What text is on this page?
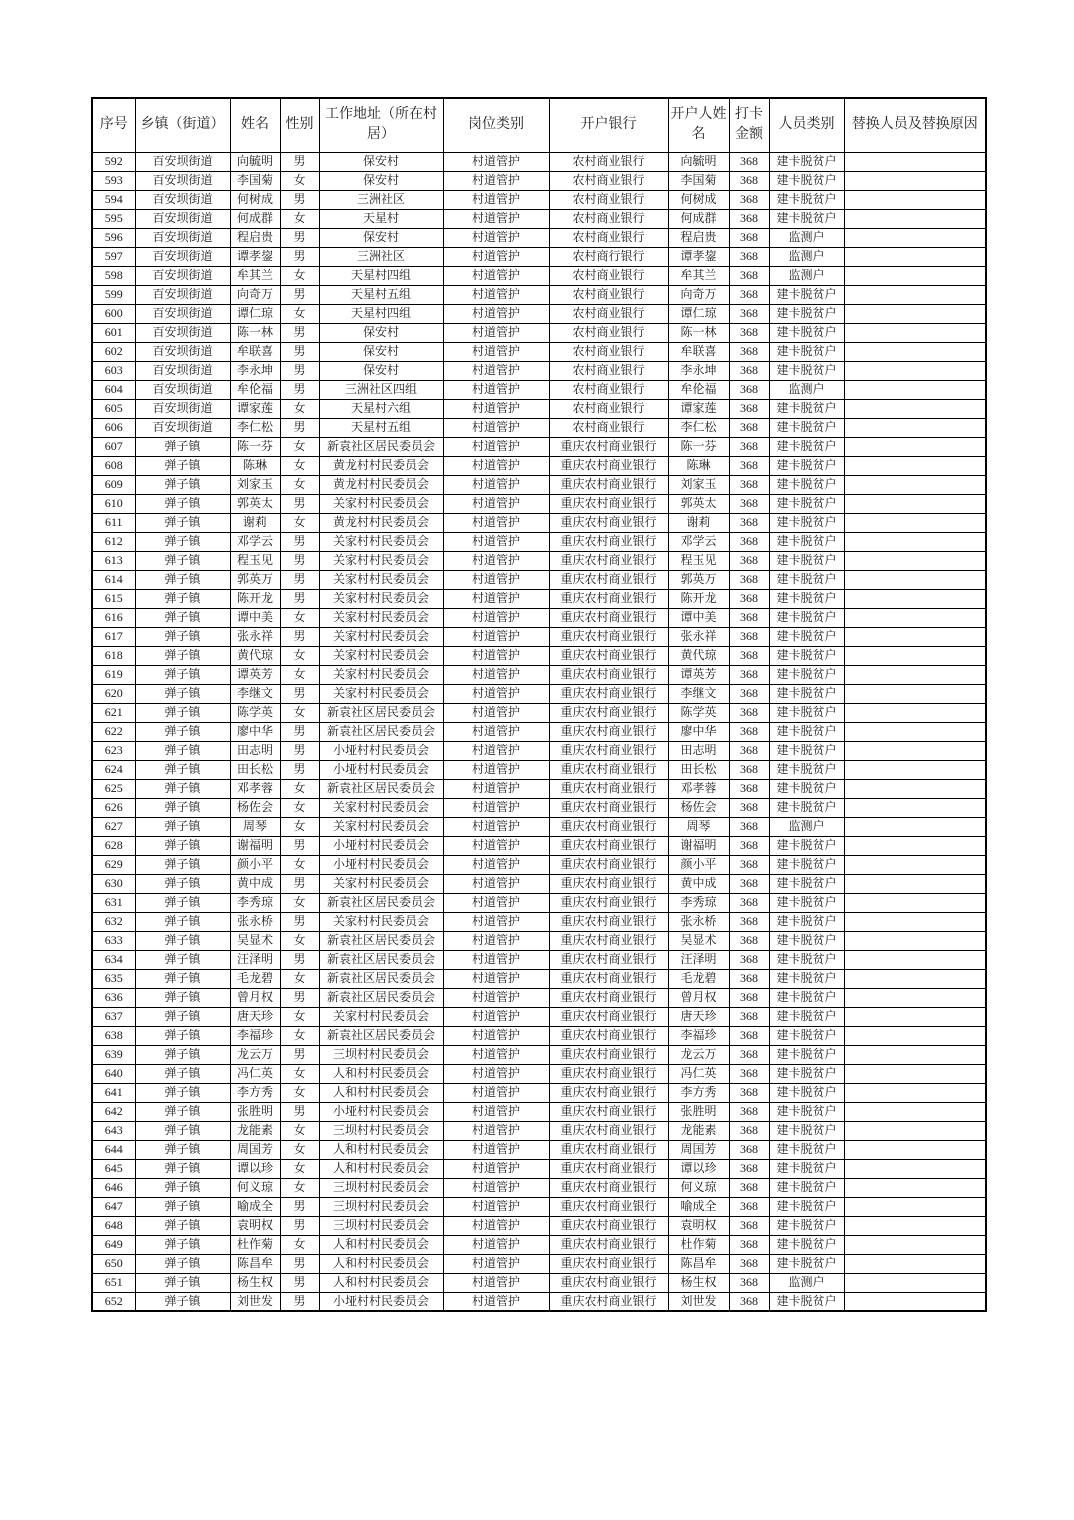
序号	乡镇（街道）	姓名	性别	工作地址（所在村居）	岗位类别	开户银行	开户人姓名	打卡金额	人员类别	替换人员及替换原因
592	百安坝街道	向毓明	男	保安村	村道管护	农村商业银行	向毓明	368	建卡脱贫户	
593	百安坝街道	李国菊	女	保安村	村道管护	农村商业银行	李国菊	368	建卡脱贫户	
594	百安坝街道	何树成	男	三洲社区	村道管护	农村商业银行	何树成	368	建卡脱贫户	
595	百安坝街道	何成群	女	天星村	村道管护	农村商业银行	何成群	368	建卡脱贫户	
596	百安坝街道	程启贵	男	保安村	村道管护	农村商业银行	程启贵	368	监测户	
597	百安坝街道	谭孝鋆	男	三洲社区	村道管护	农村商行银行	谭孝鋆	368	监测户	
598	百安坝街道	牟其兰	女	天星村四组	村道管护	农村商业银行	牟其兰	368	监测户	
599	百安坝街道	向奇万	男	天星村五组	村道管护	农村商业银行	向奇万	368	建卡脱贫户	
600	百安坝街道	谭仁琼	女	天星村四组	村道管护	农村商业银行	谭仁琼	368	建卡脱贫户	
601	百安坝街道	陈一林	男	保安村	村道管护	农村商业银行	陈一林	368	建卡脱贫户	
602	百安坝街道	牟联喜	男	保安村	村道管护	农村商业银行	牟联喜	368	建卡脱贫户	
603	百安坝街道	李永坤	男	保安村	村道管护	农村商业银行	李永坤	368	建卡脱贫户	
604	百安坝街道	牟伦福	男	三洲社区四组	村道管护	农村商业银行	牟伦福	368	监测户	
605	百安坝街道	谭家莲	女	天星村六组	村道管护	农村商业银行	谭家莲	368	建卡脱贫户	
606	百安坝街道	李仁松	男	天星村五组	村道管护	农村商业银行	李仁松	368	建卡脱贫户	
607	弹子镇	陈一芬	女	新袁社区居民委员会	村道管护	重庆农村商业银行	陈一芬	368	建卡脱贫户	
608	弹子镇	陈琳	女	黄龙村村民委员会	村道管护	重庆农村商业银行	陈琳	368	建卡脱贫户	
609	弹子镇	刘家玉	女	黄龙村村民委员会	村道管护	重庆农村商业银行	刘家玉	368	建卡脱贫户	
610	弹子镇	郭英太	男	关家村村民委员会	村道管护	重庆农村商业银行	郭英太	368	建卡脱贫户	
611	弹子镇	谢莉	女	黄龙村村民委员会	村道管护	重庆农村商业银行	谢莉	368	建卡脱贫户	
612	弹子镇	邓学云	男	关家村村民委员会	村道管护	重庆农村商业银行	邓学云	368	建卡脱贫户	
613	弹子镇	程玉见	男	关家村村民委员会	村道管护	重庆农村商业银行	程玉见	368	建卡脱贫户	
614	弹子镇	郭英万	男	关家村村民委员会	村道管护	重庆农村商业银行	郭英万	368	建卡脱贫户	
615	弹子镇	陈开龙	男	关家村村民委员会	村道管护	重庆农村商业银行	陈开龙	368	建卡脱贫户	
616	弹子镇	谭中美	女	关家村村民委员会	村道管护	重庆农村商业银行	谭中美	368	建卡脱贫户	
617	弹子镇	张永祥	男	关家村村民委员会	村道管护	重庆农村商业银行	张永祥	368	建卡脱贫户	
618	弹子镇	黄代琼	女	关家村村民委员会	村道管护	重庆农村商业银行	黄代琼	368	建卡脱贫户	
619	弹子镇	谭英芳	女	关家村村民委员会	村道管护	重庆农村商业银行	谭英芳	368	建卡脱贫户	
620	弹子镇	李继文	男	关家村村民委员会	村道管护	重庆农村商业银行	李继文	368	建卡脱贫户	
621	弹子镇	陈学英	女	新袁社区居民委员会	村道管护	重庆农村商业银行	陈学英	368	建卡脱贫户	
622	弹子镇	廖中华	男	新袁社区居民委员会	村道管护	重庆农村商业银行	廖中华	368	建卡脱贫户	
623	弹子镇	田志明	男	小垭村村民委员会	村道管护	重庆农村商业银行	田志明	368	建卡脱贫户	
624	弹子镇	田长松	男	小垭村村民委员会	村道管护	重庆农村商业银行	田长松	368	建卡脱贫户	
625	弹子镇	邓孝蓉	女	新袁社区居民委员会	村道管护	重庆农村商业银行	邓孝蓉	368	建卡脱贫户	
626	弹子镇	杨佐会	女	关家村村民委员会	村道管护	重庆农村商业银行	杨佐会	368	建卡脱贫户	
627	弹子镇	周琴	女	关家村村民委员会	村道管护	重庆农村商业银行	周琴	368	监测户	
628	弹子镇	谢福明	男	小垭村村民委员会	村道管护	重庆农村商业银行	谢福明	368	建卡脱贫户	
629	弹子镇	颜小平	女	小垭村村民委员会	村道管护	重庆农村商业银行	颜小平	368	建卡脱贫户	
630	弹子镇	黄中成	男	关家村村民委员会	村道管护	重庆农村商业银行	黄中成	368	建卡脱贫户	
631	弹子镇	李秀琼	女	新袁社区居民委员会	村道管护	重庆农村商业银行	李秀琼	368	建卡脱贫户	
632	弹子镇	张永桥	男	关家村村民委员会	村道管护	重庆农村商业银行	张永桥	368	建卡脱贫户	
633	弹子镇	吴显术	女	新袁社区居民委员会	村道管护	重庆农村商业银行	吴显术	368	建卡脱贫户	
634	弹子镇	汪泽明	男	新袁社区居民委员会	村道管护	重庆农村商业银行	汪泽明	368	建卡脱贫户	
635	弹子镇	毛龙碧	女	新袁社区居民委员会	村道管护	重庆农村商业银行	毛龙碧	368	建卡脱贫户	
636	弹子镇	曾月权	男	新袁社区居民委员会	村道管护	重庆农村商业银行	曾月权	368	建卡脱贫户	
637	弹子镇	唐天珍	女	关家村村民委员会	村道管护	重庆农村商业银行	唐天珍	368	建卡脱贫户	
638	弹子镇	李福珍	女	新袁社区居民委员会	村道管护	重庆农村商业银行	李福珍	368	建卡脱贫户	
639	弹子镇	龙云万	男	三坝村村民委员会	村道管护	重庆农村商业银行	龙云万	368	建卡脱贫户	
640	弹子镇	冯仁英	女	人和村村民委员会	村道管护	重庆农村商业银行	冯仁英	368	建卡脱贫户	
641	弹子镇	李方秀	女	人和村村民委员会	村道管护	重庆农村商业银行	李方秀	368	建卡脱贫户	
642	弹子镇	张胜明	男	小垭村村民委员会	村道管护	重庆农村商业银行	张胜明	368	建卡脱贫户	
643	弹子镇	龙能素	女	三坝村村民委员会	村道管护	重庆农村商业银行	龙能素	368	建卡脱贫户	
644	弹子镇	周国芳	女	人和村村民委员会	村道管护	重庆农村商业银行	周国芳	368	建卡脱贫户	
645	弹子镇	谭以珍	女	人和村村民委员会	村道管护	重庆农村商业银行	谭以珍	368	建卡脱贫户	
646	弹子镇	何义琼	女	三坝村村民委员会	村道管护	重庆农村商业银行	何义琼	368	建卡脱贫户	
647	弹子镇	喻成全	男	三坝村村民委员会	村道管护	重庆农村商业银行	喻成全	368	建卡脱贫户	
648	弹子镇	袁明权	男	三坝村村民委员会	村道管护	重庆农村商业银行	袁明权	368	建卡脱贫户	
649	弹子镇	杜作菊	女	人和村村民委员会	村道管护	重庆农村商业银行	杜作菊	368	建卡脱贫户	
650	弹子镇	陈昌牟	男	人和村村民委员会	村道管护	重庆农村商业银行	陈昌牟	368	建卡脱贫户	
651	弹子镇	杨生权	男	人和村村民委员会	村道管护	重庆农村商业银行	杨生权	368	监测户	
652	弹子镇	刘世发	男	小垭村村民委员会	村道管护	重庆农村商业银行	刘世发	368	建卡脱贫户	
